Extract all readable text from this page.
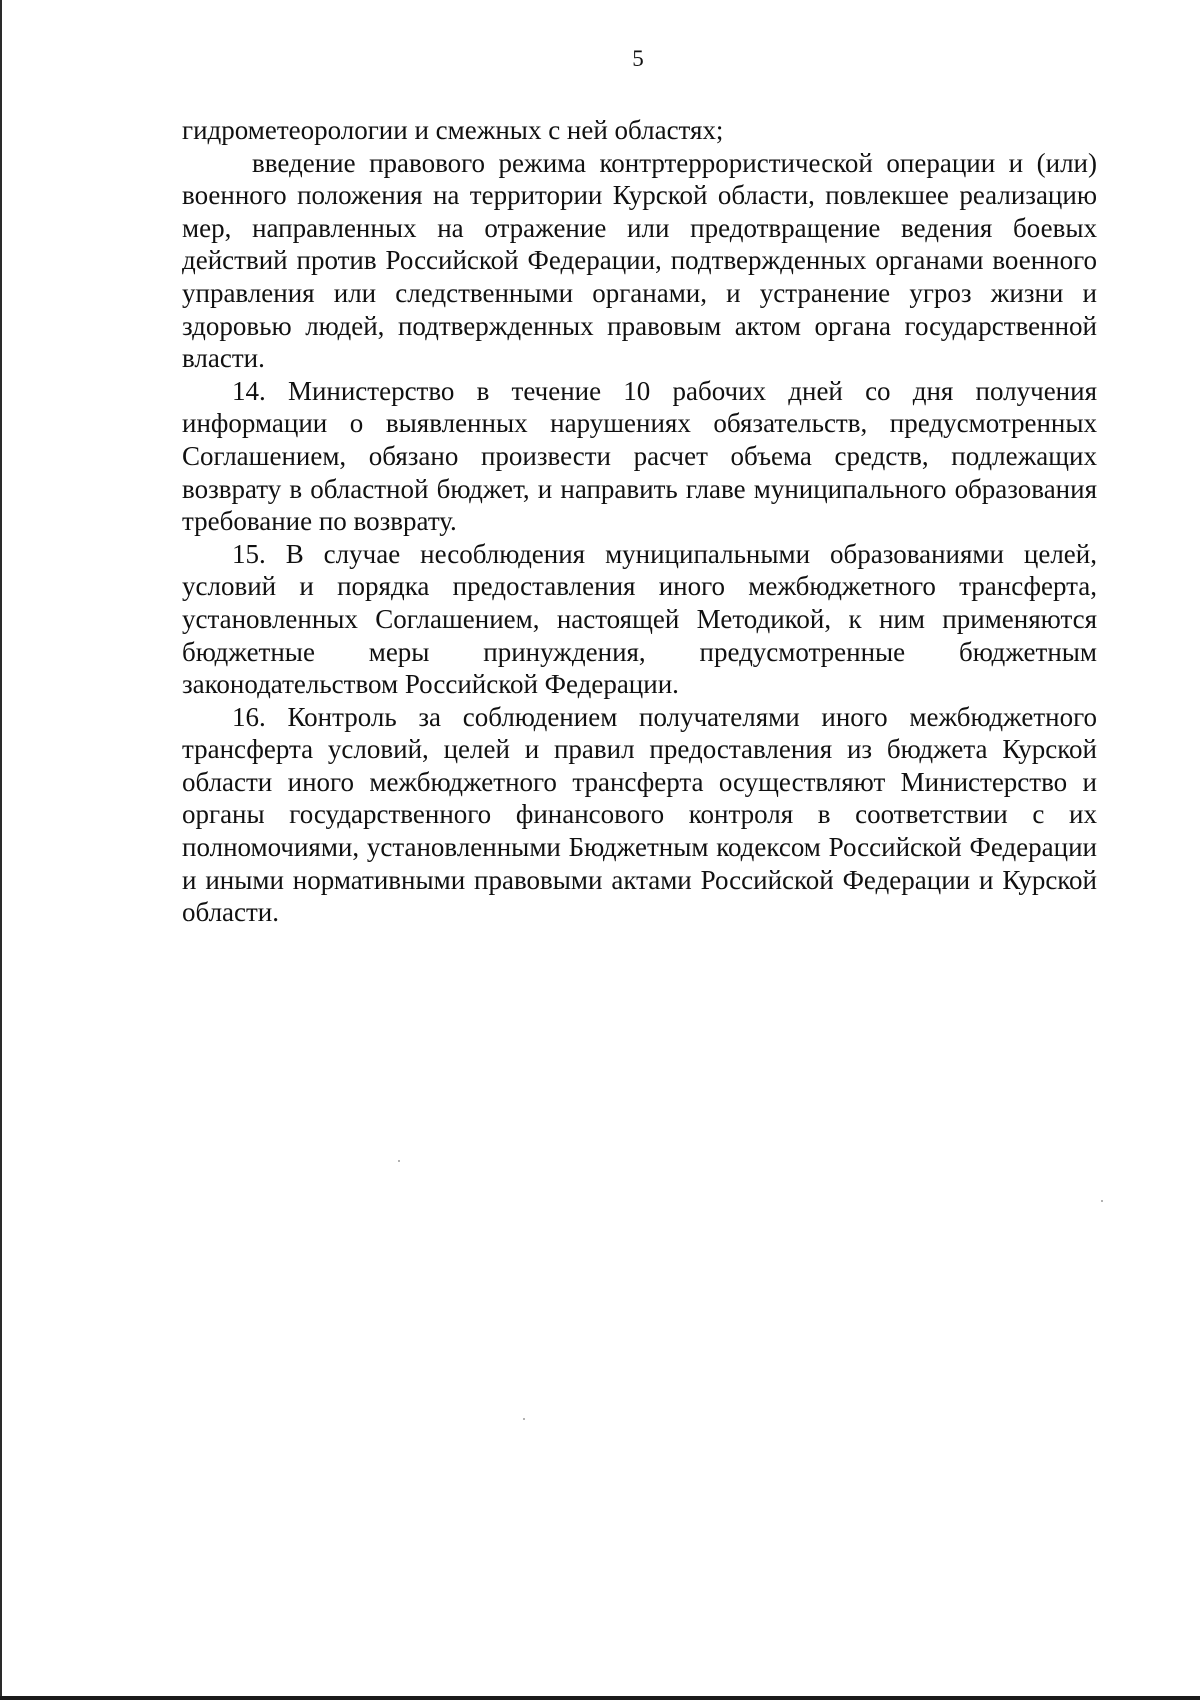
5

гидрометеорологии и смежных с ней областях;

введение правового режима контртеррористической операции и (или) военного положения на территории Курской области, повлекшее реализацию мер, направленных на отражение или предотвращение ведения боевых действий против Российской Федерации, подтвержденных органами военного управления или следственными органами, и устранение угроз жизни и здоровью людей, подтвержденных правовым актом органа государственной власти.

14. Министерство в течение 10 рабочих дней со дня получения информации о выявленных нарушениях обязательств, предусмотренных Соглашением, обязано произвести расчет объема средств, подлежащих возврату в областной бюджет, и направить главе муниципального образования требование по возврату.

15. В случае несоблюдения муниципальными образованиями целей, условий и порядка предоставления иного межбюджетного трансферта, установленных Соглашением, настоящей Методикой, к ним применяются бюджетные меры принуждения, предусмотренные бюджетным законодательством Российской Федерации.

16. Контроль за соблюдением получателями иного межбюджетного трансферта условий, целей и правил предоставления из бюджета Курской области иного межбюджетного трансферта осуществляют Министерство и органы государственного финансового контроля в соответствии с их полномочиями, установленными Бюджетным кодексом Российской Федерации и иными нормативными правовыми актами Российской Федерации и Курской области.
